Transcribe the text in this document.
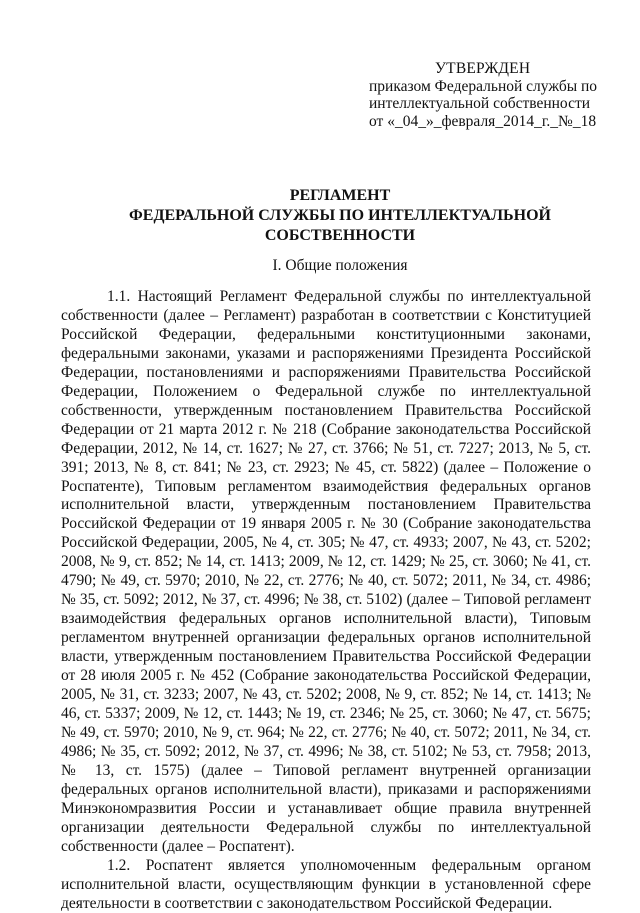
УТВЕРЖДЕН
приказом Федеральной службы по
интеллектуальной собственности
от «_04_»_февраля_2014_г._№_18
РЕГЛАМЕНТ
ФЕДЕРАЛЬНОЙ СЛУЖБЫ ПО ИНТЕЛЛЕКТУАЛЬНОЙ
СОБСТВЕННОСТИ
I. Общие положения

1.1. Настоящий Регламент Федеральной службы по интеллектуальной собственности (далее – Регламент) разработан в соответствии с Конституцией Российской Федерации, федеральными конституционными законами, федеральными законами, указами и распоряжениями Президента Российской Федерации, постановлениями и распоряжениями Правительства Российской Федерации, Положением о Федеральной службе по интеллектуальной собственности, утвержденным постановлением Правительства Российской Федерации от 21 марта 2012 г. № 218 (Собрание законодательства Российской Федерации, 2012, № 14, ст. 1627; № 27, ст. 3766; № 51, ст. 7227; 2013, № 5, ст. 391; 2013, № 8, ст. 841; № 23, ст. 2923; № 45, ст. 5822) (далее – Положение о Роспатенте), Типовым регламентом взаимодействия федеральных органов исполнительной власти, утвержденным постановлением Правительства Российской Федерации от 19 января 2005 г. № 30 (Собрание законодательства Российской Федерации, 2005, № 4, ст. 305; № 47, ст. 4933; 2007, № 43, ст. 5202; 2008, № 9, ст. 852; № 14, ст. 1413; 2009, № 12, ст. 1429; № 25, ст. 3060; № 41, ст. 4790; № 49, ст. 5970; 2010, № 22, ст. 2776; № 40, ст. 5072; 2011, № 34, ст. 4986; № 35, ст. 5092; 2012, № 37, ст. 4996; № 38, ст. 5102) (далее – Типовой регламент взаимодействия федеральных органов исполнительной власти), Типовым регламентом внутренней организации федеральных органов исполнительной власти, утвержденным постановлением Правительства Российской Федерации от 28 июля 2005 г. № 452 (Собрание законодательства Российской Федерации, 2005, № 31, ст. 3233; 2007, № 43, ст. 5202; 2008, № 9, ст. 852; № 14, ст. 1413; № 46, ст. 5337; 2009, № 12, ст. 1443; № 19, ст. 2346; № 25, ст. 3060; № 47, ст. 5675; № 49, ст. 5970; 2010, № 9, ст. 964; № 22, ст. 2776; № 40, ст. 5072; 2011, № 34, ст. 4986; № 35, ст. 5092; 2012, № 37, ст. 4996; № 38, ст. 5102; № 53, ст. 7958; 2013, № 13, ст. 1575) (далее – Типовой регламент внутренней организации федеральных органов исполнительной власти), приказами и распоряжениями Минэкономразвития России и устанавливает общие правила внутренней организации деятельности Федеральной службы по интеллектуальной собственности (далее – Роспатент).

1.2. Роспатент является уполномоченным федеральным органом исполнительной власти, осуществляющим функции в установленной сфере деятельности в соответствии с законодательством Российской Федерации.
